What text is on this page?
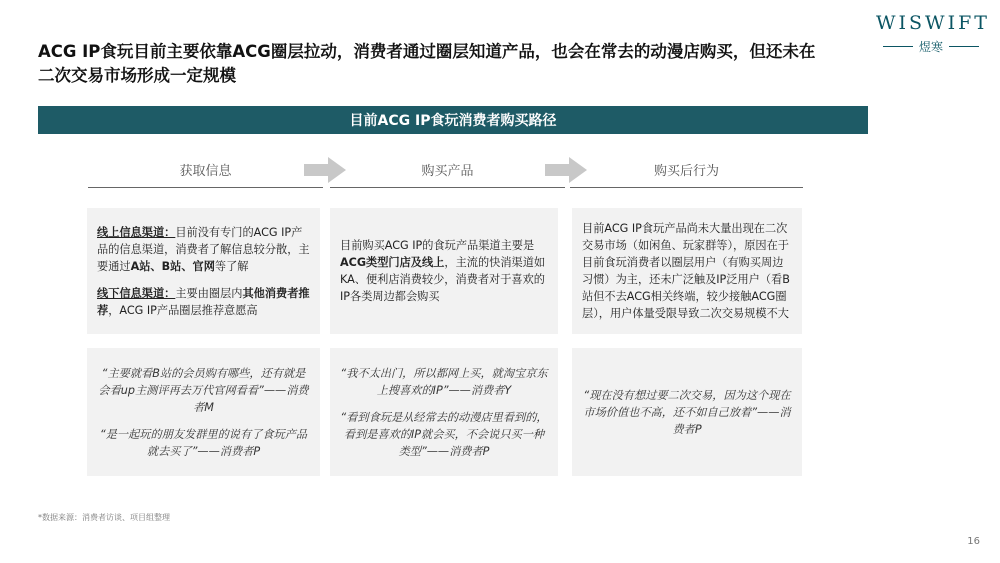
ACG IP食玩目前主要依靠ACG圈层拉动，消费者通过圈层知道产品，也会在常去的动漫店购买，但还未在
二次交易市场形成一定规模
WISWIFT
煜寒
目前ACG IP食玩消费者购买路径
获取信息	购买产品	购买后行为

线上信息渠道：目前没有专门的ACG IP产品的信息渠道，消费者了解信息较分散，主要通过A站、B站、官网等了解

线下信息渠道：主要由圈层内其他消费者推荐，ACG IP产品圈层推荐意愿高

“主要就看B站的会员购有哪些，还有就是会看up主测评再去万代官网看看”——消费者M

“是一起玩的朋友发群里的说有了食玩产品就去买了”——消费者P

目前购买ACG IP的食玩产品渠道主要是ACG类型门店及线上，主流的快消渠道如KA、便利店消费较少，消费者对于喜欢的IP各类周边都会购买

“我不太出门，所以都网上买，就淘宝京东上搜喜欢的IP”——消费者Y

“看到食玩是从经常去的动漫店里看到的，看到是喜欢的IP就会买，不会说只买一种类型”——消费者P

目前ACG IP食玩产品尚未大量出现在二次交易市场（如闲鱼、玩家群等），原因在于目前食玩消费者以圈层用户（有购买周边习惯）为主，还未广泛触及IP泛用户（看B站但不去ACG相关终端，较少接触ACG圈层），用户体量受限导致二次交易规模不大

“现在没有想过要二次交易，因为这个现在市场价值也不高，还不如自己放着”——消费者P

*数据来源：消费者访谈、项目组整理
16
